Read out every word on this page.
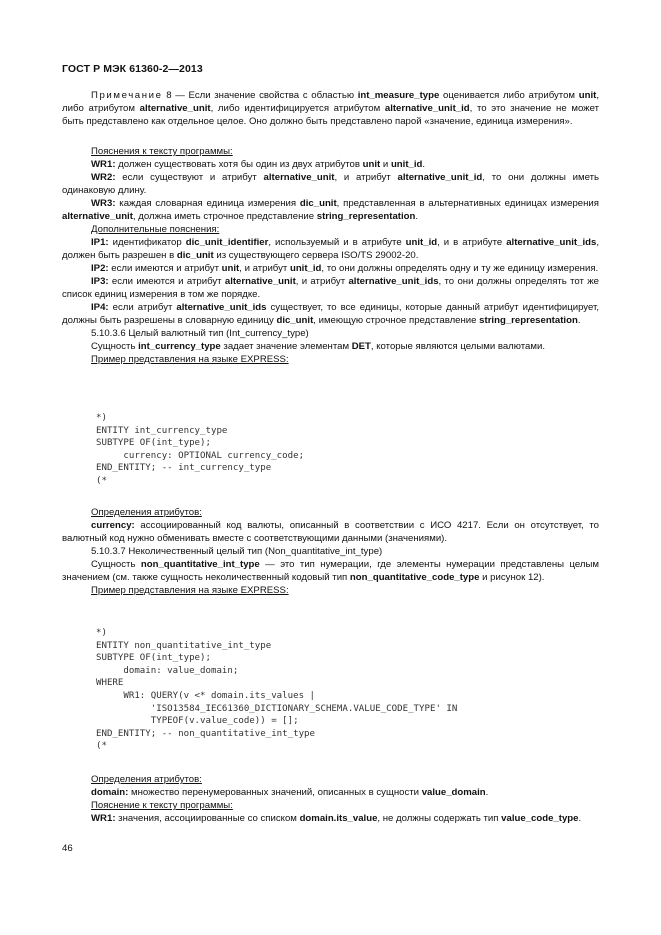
ГОСТ Р МЭК 61360-2—2013

Примечание 8 — Если значение свойства с областью int_measure_type оценивается либо атрибутом unit, либо атрибутом alternative_unit, либо идентифицируется атрибутом alternative_unit_id, то это значение не может быть представлено как отдельное целое. Оно должно быть представлено парой «значение, единица измерения».

Пояснения к тексту программы:

WR1: должен существовать хотя бы один из двух атрибутов unit и unit_id.

WR2: если существуют и атрибут alternative_unit, и атрибут alternative_unit_id, то они должны иметь одинаковую длину.

WR3: каждая словарная единица измерения dic_unit, представленная в альтернативных единицах измерения alternative_unit, должна иметь строчное представление string_representation.

Дополнительные пояснения:

IP1: идентификатор dic_unit_identifier, используемый и в атрибуте unit_id, и в атрибуте alternative_unit_ids, должен быть разрешен в dic_unit из существующего сервера ISO/TS 29002-20.

IP2: если имеются и атрибут unit, и атрибут unit_id, то они должны определять одну и ту же единицу измерения.

IP3: если имеются и атрибут alternative_unit, и атрибут alternative_unit_ids, то они должны определять тот же список единиц измерения в том же порядке.

IP4: если атрибут alternative_unit_ids существует, то все единицы, которые данный атрибут идентифицирует, должны быть разрешены в словарную единицу dic_unit, имеющую строчное представление string_representation.

5.10.3.6 Целый валютный тип (Int_currency_type)

Сущность int_currency_type задает значение элементам DET, которые являются целыми валютами.

Пример представления на языке EXPRESS:

*)
ENTITY int_currency_type
SUBTYPE OF(int_type);
currency: OPTIONAL currency_code;
END_ENTITY; -- int_currency_type
(*

Определения атрибутов:

currency: ассоциированный код валюты, описанный в соответствии с ИСО 4217. Если он отсутствует, то валютный код нужно обменивать вместе с соответствующими данными (значениями).

5.10.3.7 Неколичественный целый тип (Non_quantitative_int_type)

Сущность non_quantitative_int_type — это тип нумерации, где элементы нумерации представлены целым значением (см. также сущность неколичественный кодовый тип non_quantitative_code_type и рисунок 12).

Пример представления на языке EXPRESS:

*)
ENTITY non_quantitative_int_type
SUBTYPE OF(int_type);
domain: value_domain;
WHERE
WR1: QUERY(v <* domain.its_values |
'ISO13584_IEC61360_DICTIONARY_SCHEMA.VALUE_CODE_TYPE' IN
TYPEOF(v.value_code)) = [];
END_ENTITY; -- non_quantitative_int_type
(*

Определения атрибутов:

domain: множество перенумерованных значений, описанных в сущности value_domain.

Пояснение к тексту программы:

WR1: значения, ассоциированные со списком domain.its_value, не должны содержать тип value_code_type.

46
